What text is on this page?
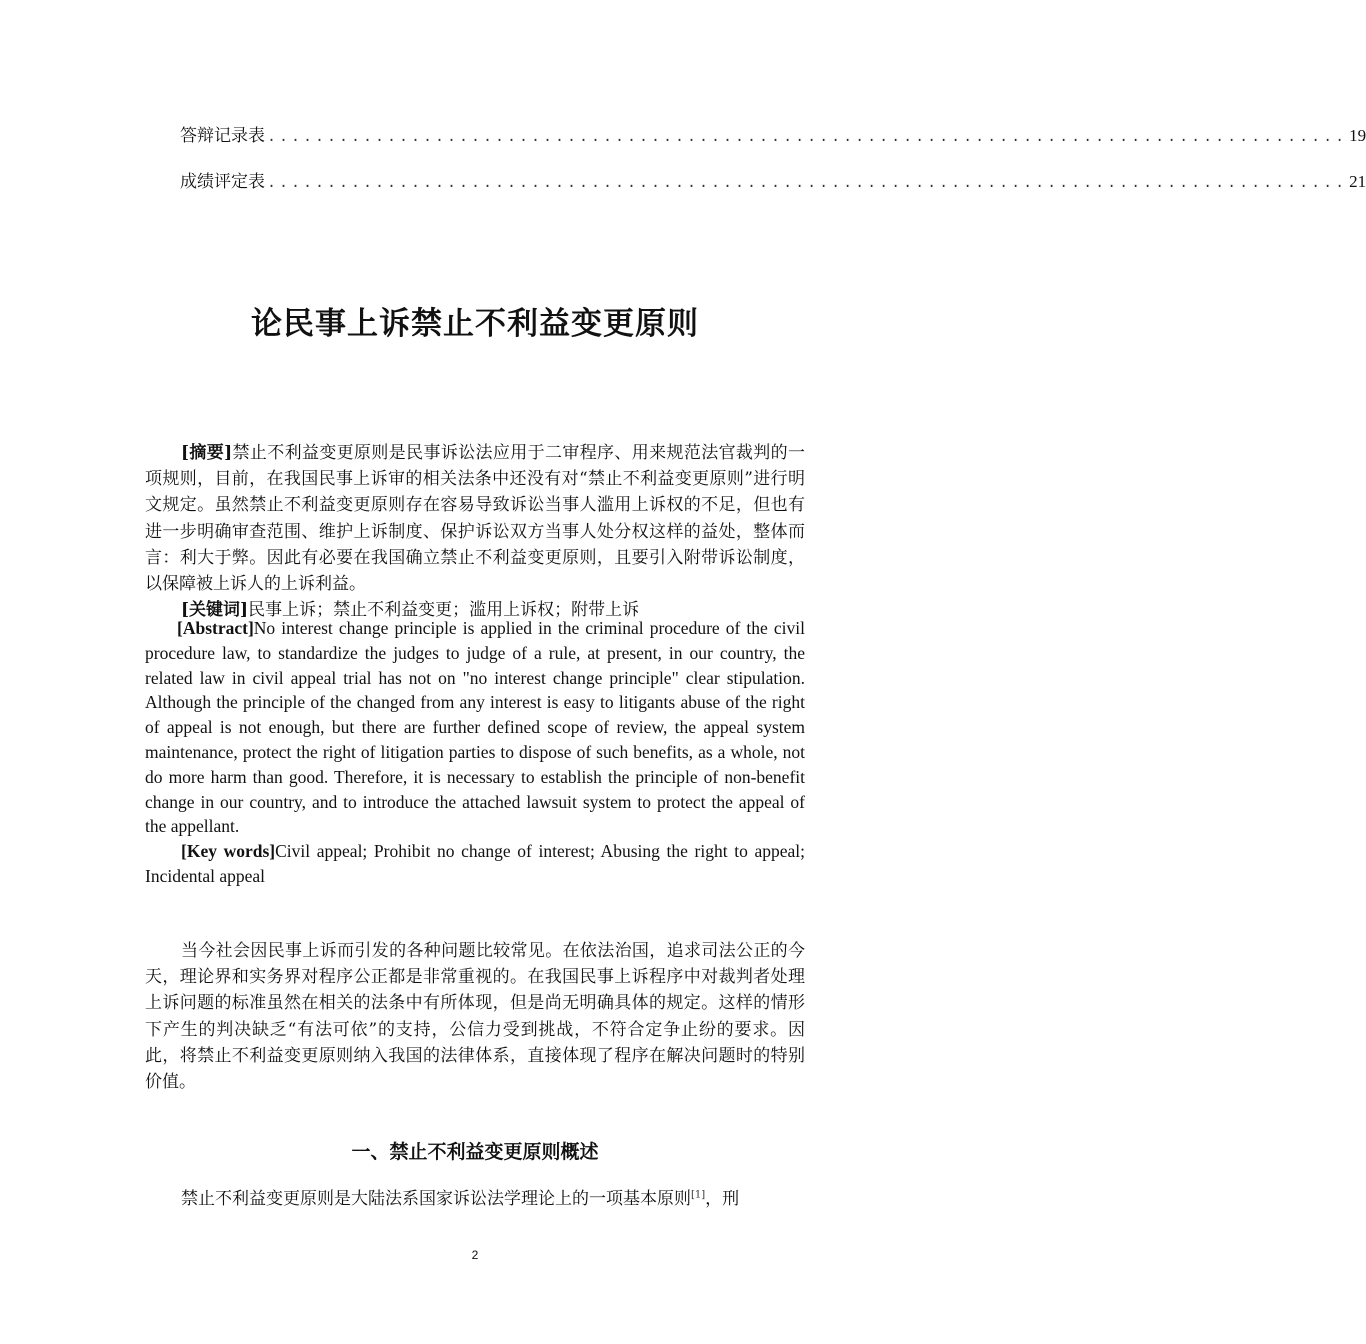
答辩记录表 .......................................................................................... 19
成绩评定表 .......................................................................................... 21
论民事上诉禁止不利益变更原则

[摘要]禁止不利益变更原则是民事诉讼法应用于二审程序、用来规范法官裁判的一项规则，目前，在我国民事上诉审的相关法条中还没有对“禁止不利益变更原则”进行明文规定。虽然禁止不利益变更原则存在容易导致诉讼当事人滥用上诉权的不足，但也有进一步明确审查范围、维护上诉制度、保护诉讼双方当事人处分权这样的益处，整体而言：利大于弊。因此有必要在我国确立禁止不利益变更原则，且要引入附带诉讼制度，以保障被上诉人的上诉利益。

[关键词]民事上诉；禁止不利益变更；滥用上诉权；附带上诉

[Abstract]No interest change principle is applied in the criminal procedure of the civil procedure law, to standardize the judges to judge of a rule, at present, in our country, the related law in civil appeal trial has not on "no interest change principle" clear stipulation. Although the principle of the changed from any interest is easy to litigants abuse of the right of appeal is not enough, but there are further defined scope of review, the appeal system maintenance, protect the right of litigation parties to dispose of such benefits, as a whole, not do more harm than good. Therefore, it is necessary to establish the principle of non-benefit change in our country, and to introduce the attached lawsuit system to protect the appeal of the appellant.

[Key words]Civil appeal; Prohibit no change of interest; Abusing the right to appeal; Incidental appeal

当今社会因民事上诉而引发的各种问题比较常见。在依法治国，追求司法公正的今天，理论界和实务界对程序公正都是非常重视的。在我国民事上诉程序中对裁判者处理上诉问题的标准虽然在相关的法条中有所体现，但是尚无明确具体的规定。这样的情形下产生的判决缺乏“有法可依”的支持，公信力受到挑战，不符合定争止纷的要求。因此，将禁止不利益变更原则纳入我国的法律体系，直接体现了程序在解决问题时的特别价值。

一、禁止不利益变更原则概述

禁止不利益变更原则是大陆法系国家诉讼法学理论上的一项基本原则[1]，刑

2
